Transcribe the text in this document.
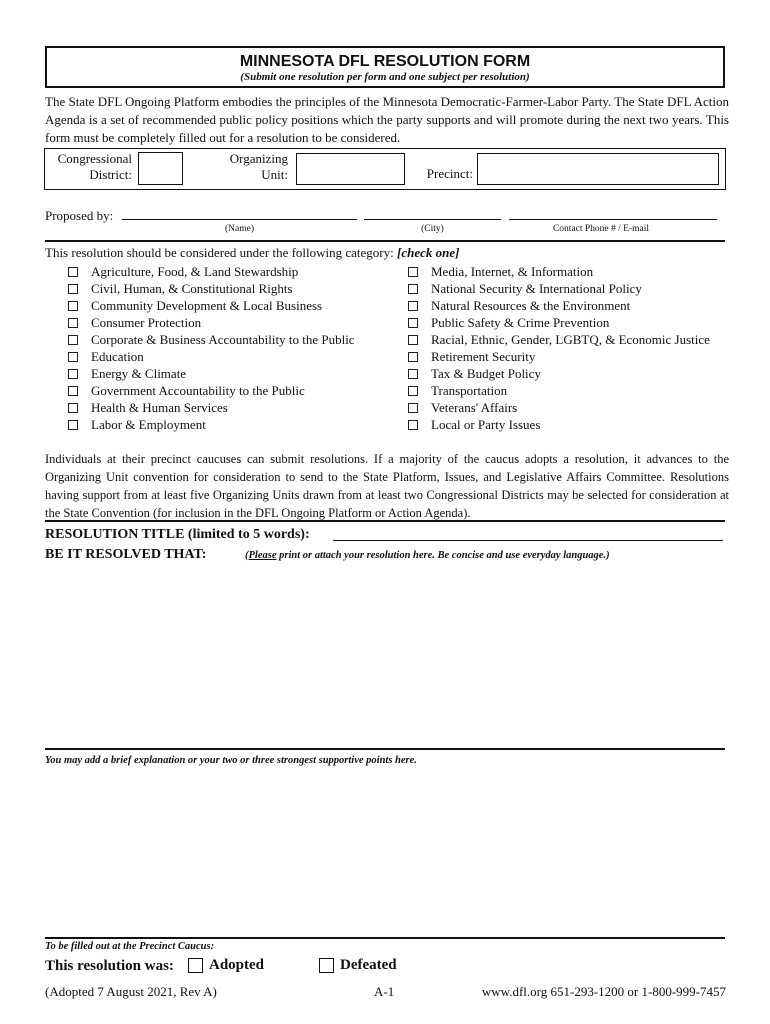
MINNESOTA DFL RESOLUTION FORM
(Submit one resolution per form and one subject per resolution)
The State DFL Ongoing Platform embodies the principles of the Minnesota Democratic-Farmer-Labor Party. The State DFL Action Agenda is a set of recommended public policy positions which the party supports and will promote during the next two years. This form must be completely filled out for a resolution to be considered.
Congressional
District:
Organizing
Unit:	Precinct:
Proposed by:
(Name)	(City)	Contact Phone # / E-mail
This resolution should be considered under the following category: [check one]
Agriculture, Food, & Land Stewardship
Civil, Human, & Constitutional Rights
Community Development & Local Business
Consumer Protection
Corporate & Business Accountability to the Public
Education
Energy & Climate
Government Accountability to the Public
Health & Human Services
Labor & Employment
Media, Internet, & Information
National Security & International Policy
Natural Resources & the Environment
Public Safety & Crime Prevention
Racial, Ethnic, Gender, LGBTQ, & Economic Justice
Retirement Security
Tax & Budget Policy
Transportation
Veterans' Affairs
Local or Party Issues
Individuals at their precinct caucuses can submit resolutions. If a majority of the caucus adopts a resolution, it advances to the Organizing Unit convention for consideration to send to the State Platform, Issues, and Legislative Affairs Committee. Resolutions having support from at least five Organizing Units drawn from at least two Congressional Districts may be selected for consideration at the State Convention (for inclusion in the DFL Ongoing Platform or Action Agenda).
RESOLUTION TITLE (limited to 5 words):
BE IT RESOLVED THAT:	(Please print or attach your resolution here. Be concise and use everyday language.)
You may add a brief explanation or your two or three strongest supportive points here.
To be filled out at the Precinct Caucus:
This resolution was: Adopted	Defeated
(Adopted 7 August 2021, Rev A)	A-1	www.dfl.org 651-293-1200 or 1-800-999-7457
